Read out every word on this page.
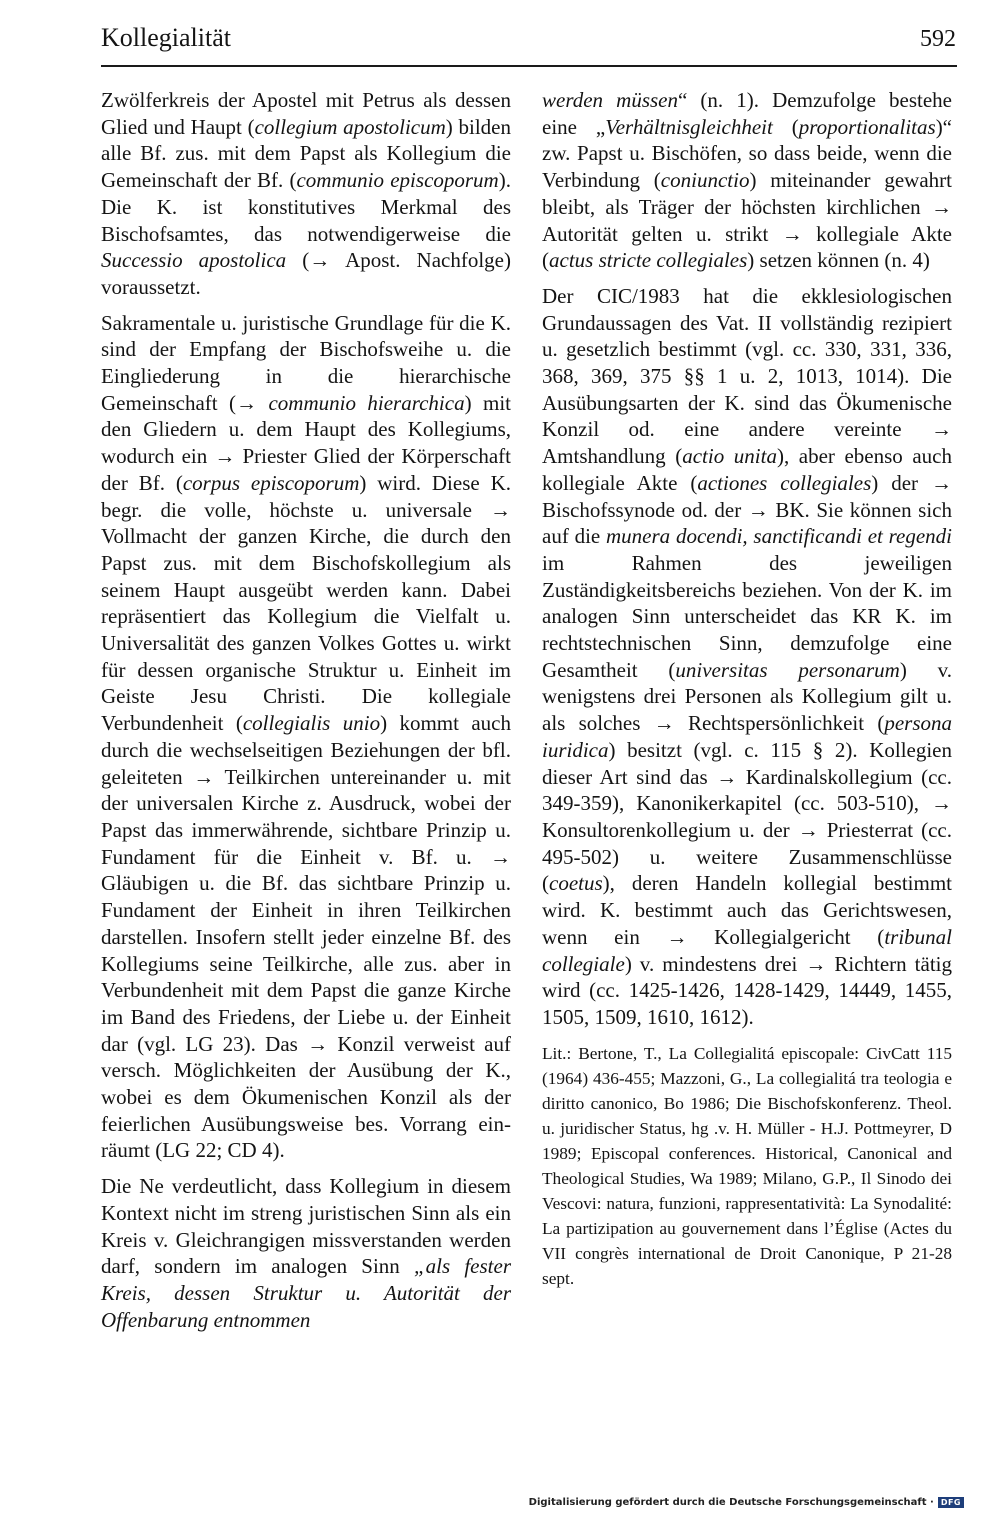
Kollegialität	592

Zwölferkreis der Apostel mit Petrus als dessen Glied und Haupt (collegium apostolicum) bilden alle Bf. zus. mit dem Papst als Kollegium die Gemeinschaft der Bf. (communio episcoporum). Die K. ist konstitutives Merkmal des Bischofsamtes, das notwendigerweise die Successio apostolica (→ Apost. Nachfolge) voraussetzt.

Sakramentale u. juristische Grundlage für die K. sind der Empfang der Bischofsweihe u. die Eingliederung in die hierarchische Gemeinschaft (→ communio hierarchica) mit den Gliedern u. dem Haupt des Kollegiums, wodurch ein → Priester Glied der Körperschaft der Bf. (corpus episcoporum) wird. Diese K. begr. die volle, höchste u. universale → Vollmacht der ganzen Kirche, die durch den Papst zus. mit dem Bischofskollegium als seinem Haupt ausgeübt werden kann. Dabei repräsentiert das Kollegium die Vielfalt u. Universalität des ganzen Volkes Gottes u. wirkt für dessen organische Struktur u. Einheit im Geiste Jesu Christi. Die kollegiale Verbundenheit (collegialis unio) kommt auch durch die wechselseitigen Beziehungen der bfl. geleiteten → Teilkirchen untereinander u. mit der universalen Kirche z. Ausdruck, wobei der Papst das immerwährende, sichtbare Prinzip u. Fundament für die Einheit v. Bf. u. → Gläubigen u. die Bf. das sichtbare Prinzip u. Fundament der Einheit in ihren Teilkirchen darstellen. Insofern stellt jeder einzelne Bf. des Kollegiums seine Teilkirche, alle zus. aber in Verbundenheit mit dem Papst die ganze Kirche im Band des Friedens, der Liebe u. der Einheit dar (vgl. LG 23). Das → Konzil verweist auf versch. Möglichkeiten der Ausübung der K., wobei es dem Ökumenischen Konzil als der feierlichen Ausübungsweise bes. Vorrang einräumt (LG 22; CD 4).

Die Ne verdeutlicht, dass Kollegium in diesem Kontext nicht im streng juristischen Sinn als ein Kreis v. Gleichrangigen missverstanden werden darf, sondern im analogen Sinn „als fester Kreis, dessen Struktur u. Autorität der Offenbarung entnommen

werden müssen“ (n. 1). Demzufolge bestehe eine „Verhältnisgleichheit (proportionalitas)“ zw. Papst u. Bischöfen, so dass beide, wenn die Verbindung (coniunctio) miteinander gewahrt bleibt, als Träger der höchsten kirchlichen → Autorität gelten u. strikt → kollegiale Akte (actus stricte collegiales) setzen können (n. 4)

Der CIC/1983 hat die ekklesiologischen Grundaussagen des Vat. II vollständig rezipiert u. gesetzlich bestimmt (vgl. cc. 330, 331, 336, 368, 369, 375 §§ 1 u. 2, 1013, 1014). Die Ausübungsarten der K. sind das Ökumenische Konzil od. eine andere vereinte → Amtshandlung (actio unita), aber ebenso auch kollegiale Akte (actiones collegiales) der → Bischofssynode od. der → BK. Sie können sich auf die munera docendi, sanctificandi et regendi im Rahmen des jeweiligen Zuständigkeitsbereichs beziehen. Von der K. im analogen Sinn unterscheidet das KR K. im rechtstechnischen Sinn, demzufolge eine Gesamtheit (universitas personarum) v. wenigstens drei Personen als Kollegium gilt u. als solches → Rechtspersönlichkeit (persona iuridica) besitzt (vgl. c. 115 § 2). Kollegien dieser Art sind das → Kardinalskollegium (cc. 349-359), Kanonikerkapitel (cc. 503-510), → Konsultorenkollegium u. der → Priesterrat (cc. 495-502) u. weitere Zusammenschlüsse (coetus), deren Handeln kollegial bestimmt wird. K. bestimmt auch das Gerichtswesen, wenn ein → Kollegialgericht (tribunal collegiale) v. mindestens drei → Richtern tätig wird (cc. 1425-1426, 1428-1429, 14449, 1455, 1505, 1509, 1610, 1612).

Lit.: Bertone, T., La Collegialitá episcopale: CivCatt 115 (1964) 436-455; Mazzoni, G., La collegialitá tra teologia e diritto canonico, Bo 1986; Die Bischofskonferenz. Theol. u. juridischer Status, hg .v. H. Müller - H.J. Pottmeyrer, D 1989; Episcopal conferences. Historical, Canonical and Theological Studies, Wa 1989; Milano, G.P., Il Sinodo dei Vescovi: natura, funzioni, rappresentatività: La Synodalité: La partizipation au gouvernement dans l’Église (Actes du VII congrès international de Droit Canonique, P 21-28 sept.

Digitalisierung gefördert durch die Deutsche Forschungsgemeinschaft · DFG
